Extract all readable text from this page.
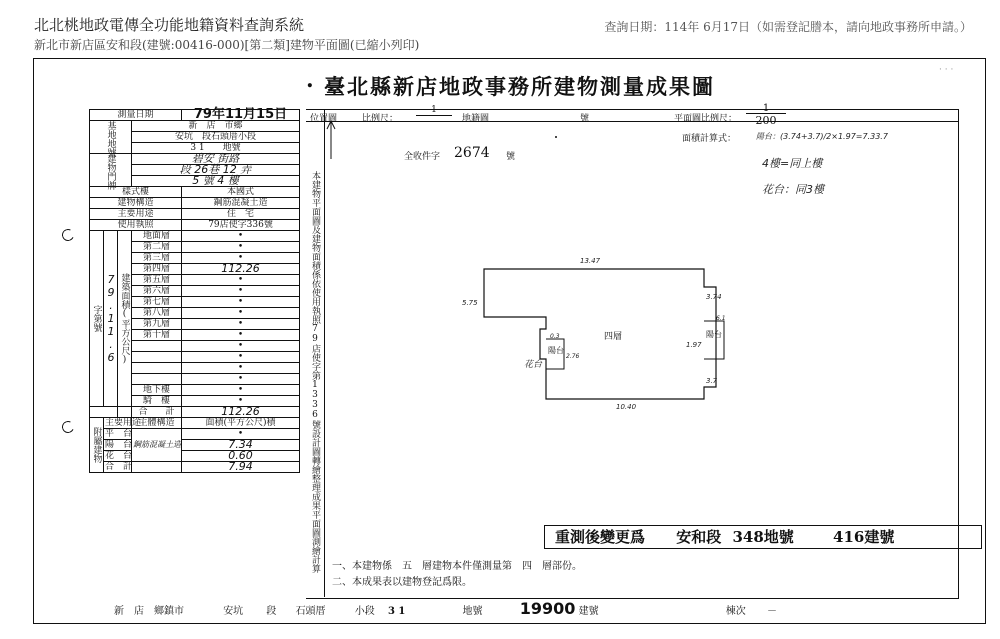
北北桃地政電傳全功能地籍資料查詢系統
新北市新店區安和段(建號:00416-000)[第二類]建物平面圖(已縮小列印)
查詢日期：114年 6月17日（如需登記謄本，請向地政事務所申請。）
. 臺北縣新店地政事務所建物測量成果圖
· · ·
測量日期				79年11月15日
基地地號			新　店　市鄉	
			安坑　段石頭厝小段	
			3 1　　地號	
建物門牌			碧安 街路	
			段 26巷 12 弄	
			5 號 4 樓	
樣式樓				本國式
建物構造				鋼筋混凝土造
主要用途				住　宅
使用執照				79店使字336號
字第號	79.11.6	建築面積(平方公尺)	地面層	•
			第二層	•
			第三層	•
			第四層	112.26
			第五層	•
			第六層	•
			第七層	•
			第八層	•
			第九層	•
			第十層	•
				•
				•
				•
				•
			地下樓	•
			騎　樓	•
			合　　計	112.26
附屬建物	主要用途		主體構造	面積(平方公尺)積
	平　台		鋼筋混凝土造	•
	陽　台			7.34
	花　台			0.60
	合　計			7.94	本建物平面圖及建物面積係依使用執照79店使字第1336號設計圖轉繪整理成果平面圖測繪計算
位置圖	比例尺：
1
地籍圖	號	平面圖比例尺：
1
200
面積計算式： 陽台：(3.74+3.7)/2×1.97=7.33.7
4樓=同上樓
花台：同3樓
全收件字 2674 號
四層
陽台
陽台
花台
13.47
5.75
3.74
1.97
3.7
10.40
2.76
0.3
6.1
重測後變更爲 安和段 348地號	416建號
一、本建物係　五　層建物本件僅測量第　四　層部份。
二、本成果表以建物登記爲限。
新　店　鄉鎮市	安坑 段 石頭厝	小段 3 1	地號 19900 建號	棟次 －
